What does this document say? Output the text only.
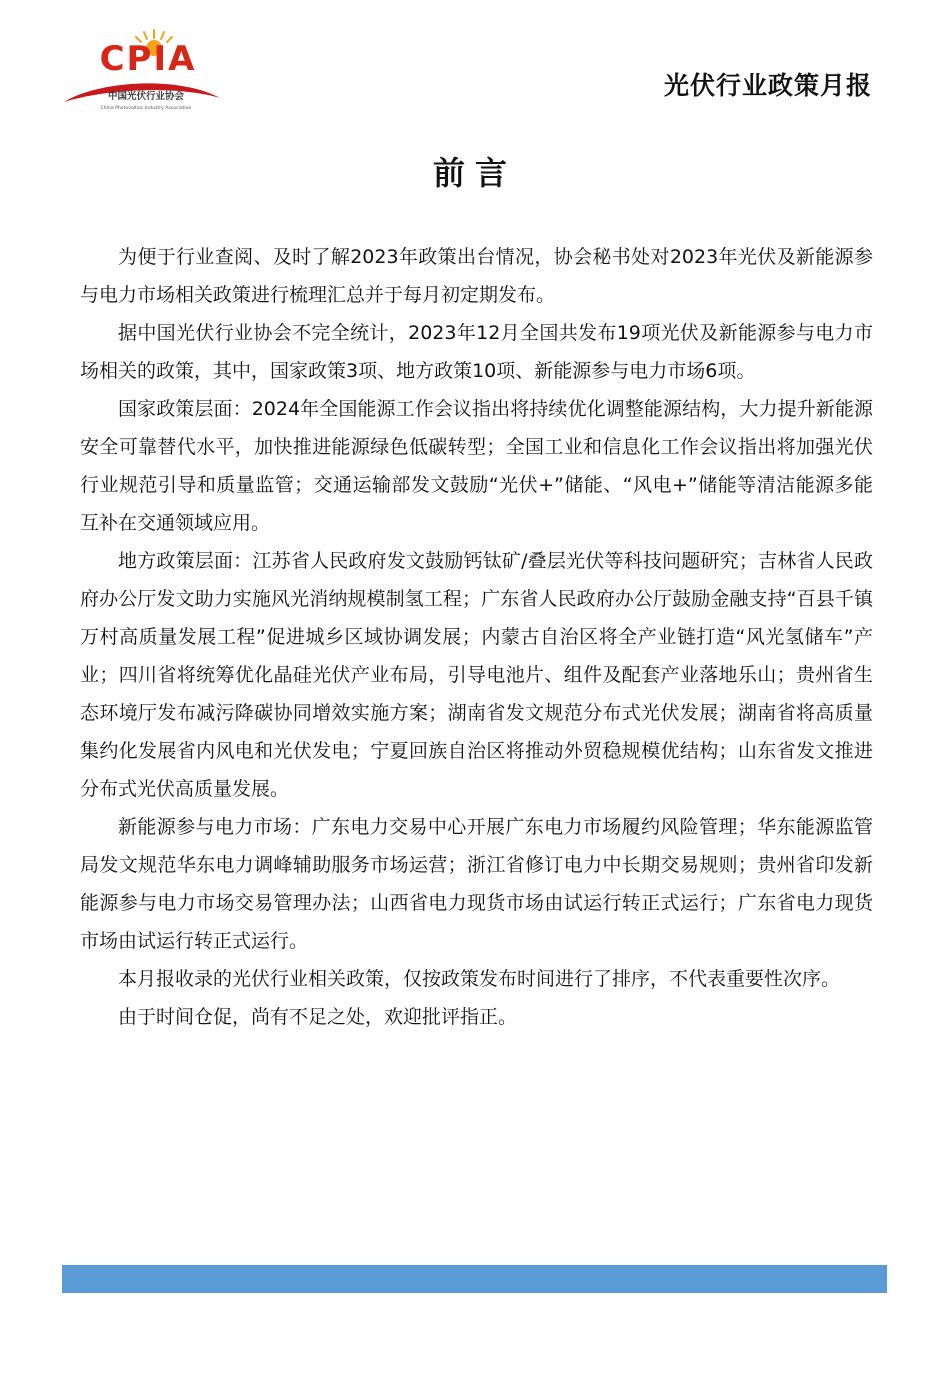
CPIA
中国光伏行业协会
China Photovoltaic Industry Association
光伏行业政策月报
前言

为便于行业查阅、及时了解2023年政策出台情况，协会秘书处对2023年光伏及新能源参与电力市场相关政策进行梳理汇总并于每月初定期发布。

据中国光伏行业协会不完全统计，2023年12月全国共发布19项光伏及新能源参与电力市场相关的政策，其中，国家政策3项、地方政策10项、新能源参与电力市场6项。

国家政策层面：2024年全国能源工作会议指出将持续优化调整能源结构，大力提升新能源安全可靠替代水平，加快推进能源绿色低碳转型；全国工业和信息化工作会议指出将加强光伏行业规范引导和质量监管；交通运输部发文鼓励“光伏+”储能、“风电+”储能等清洁能源多能互补在交通领域应用。

地方政策层面：江苏省人民政府发文鼓励钙钛矿/叠层光伏等科技问题研究；吉林省人民政府办公厅发文助力实施风光消纳规模制氢工程；广东省人民政府办公厅鼓励金融支持“百县千镇万村高质量发展工程”促进城乡区域协调发展；内蒙古自治区将全产业链打造“风光氢储车”产业；四川省将统筹优化晶硅光伏产业布局，引导电池片、组件及配套产业落地乐山；贵州省生态环境厅发布减污降碳协同增效实施方案；湖南省发文规范分布式光伏发展；湖南省将高质量集约化发展省内风电和光伏发电；宁夏回族自治区将推动外贸稳规模优结构；山东省发文推进分布式光伏高质量发展。

新能源参与电力市场：广东电力交易中心开展广东电力市场履约风险管理；华东能源监管局发文规范华东电力调峰辅助服务市场运营；浙江省修订电力中长期交易规则；贵州省印发新能源参与电力市场交易管理办法；山西省电力现货市场由试运行转正式运行；广东省电力现货市场由试运行转正式运行。

本月报收录的光伏行业相关政策，仅按政策发布时间进行了排序，不代表重要性次序。

由于时间仓促，尚有不足之处，欢迎批评指正。
